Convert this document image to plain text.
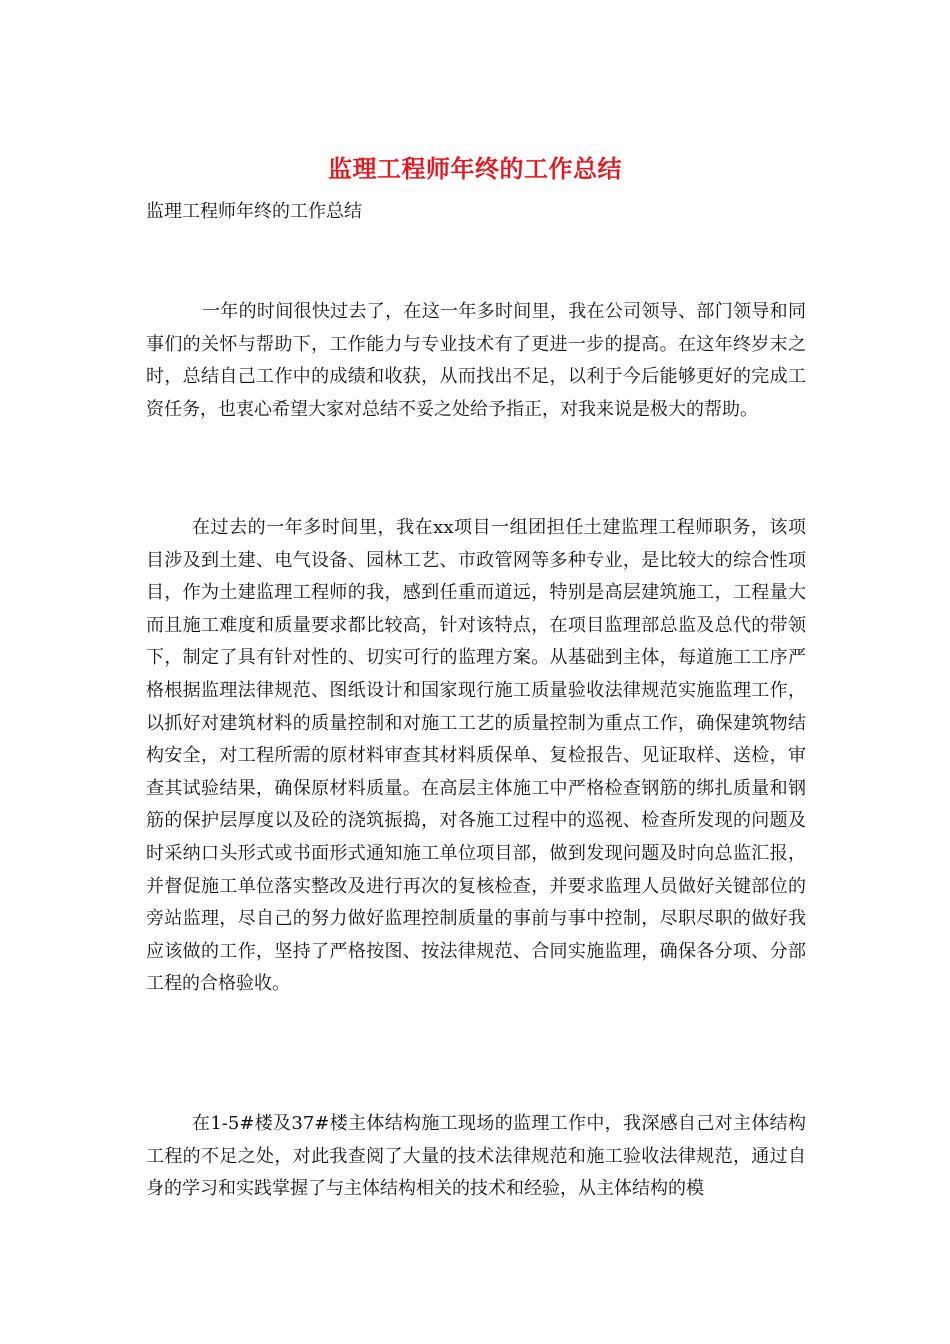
监理工程师年终的工作总结
监理工程师年终的工作总结

一年的时间很快过去了，在这一年多时间里，我在公司领导、部门领导和同事们的关怀与帮助下，工作能力与专业技术有了更进一步的提高。在这年终岁末之时，总结自己工作中的成绩和收获，从而找出不足，以利于今后能够更好的完成工资任务，也衷心希望大家对总结不妥之处给予指正，对我来说是极大的帮助。

在过去的一年多时间里，我在xx项目一组团担任土建监理工程师职务，该项目涉及到土建、电气设备、园林工艺、市政管网等多种专业，是比较大的综合性项目，作为土建监理工程师的我，感到任重而道远，特别是高层建筑施工，工程量大而且施工难度和质量要求都比较高，针对该特点，在项目监理部总监及总代的带领下，制定了具有针对性的、切实可行的监理方案。从基础到主体，每道施工工序严格根据监理法律规范、图纸设计和国家现行施工质量验收法律规范实施监理工作，以抓好对建筑材料的质量控制和对施工工艺的质量控制为重点工作，确保建筑物结构安全，对工程所需的原材料审查其材料质保单、复检报告、见证取样、送检，审查其试验结果，确保原材料质量。在高层主体施工中严格检查钢筋的绑扎质量和钢筋的保护层厚度以及砼的浇筑振捣，对各施工过程中的巡视、检查所发现的问题及时采纳口头形式或书面形式通知施工单位项目部，做到发现问题及时向总监汇报，并督促施工单位落实整改及进行再次的复核检查，并要求监理人员做好关键部位的旁站监理，尽自己的努力做好监理控制质量的事前与事中控制，尽职尽职的做好我应该做的工作，坚持了严格按图、按法律规范、合同实施监理，确保各分项、分部工程的合格验收。

在1-5#楼及37#楼主体结构施工现场的监理工作中，我深感自己对主体结构工程的不足之处，对此我查阅了大量的技术法律规范和施工验收法律规范，通过自身的学习和实践掌握了与主体结构相关的技术和经验，从主体结构的模
